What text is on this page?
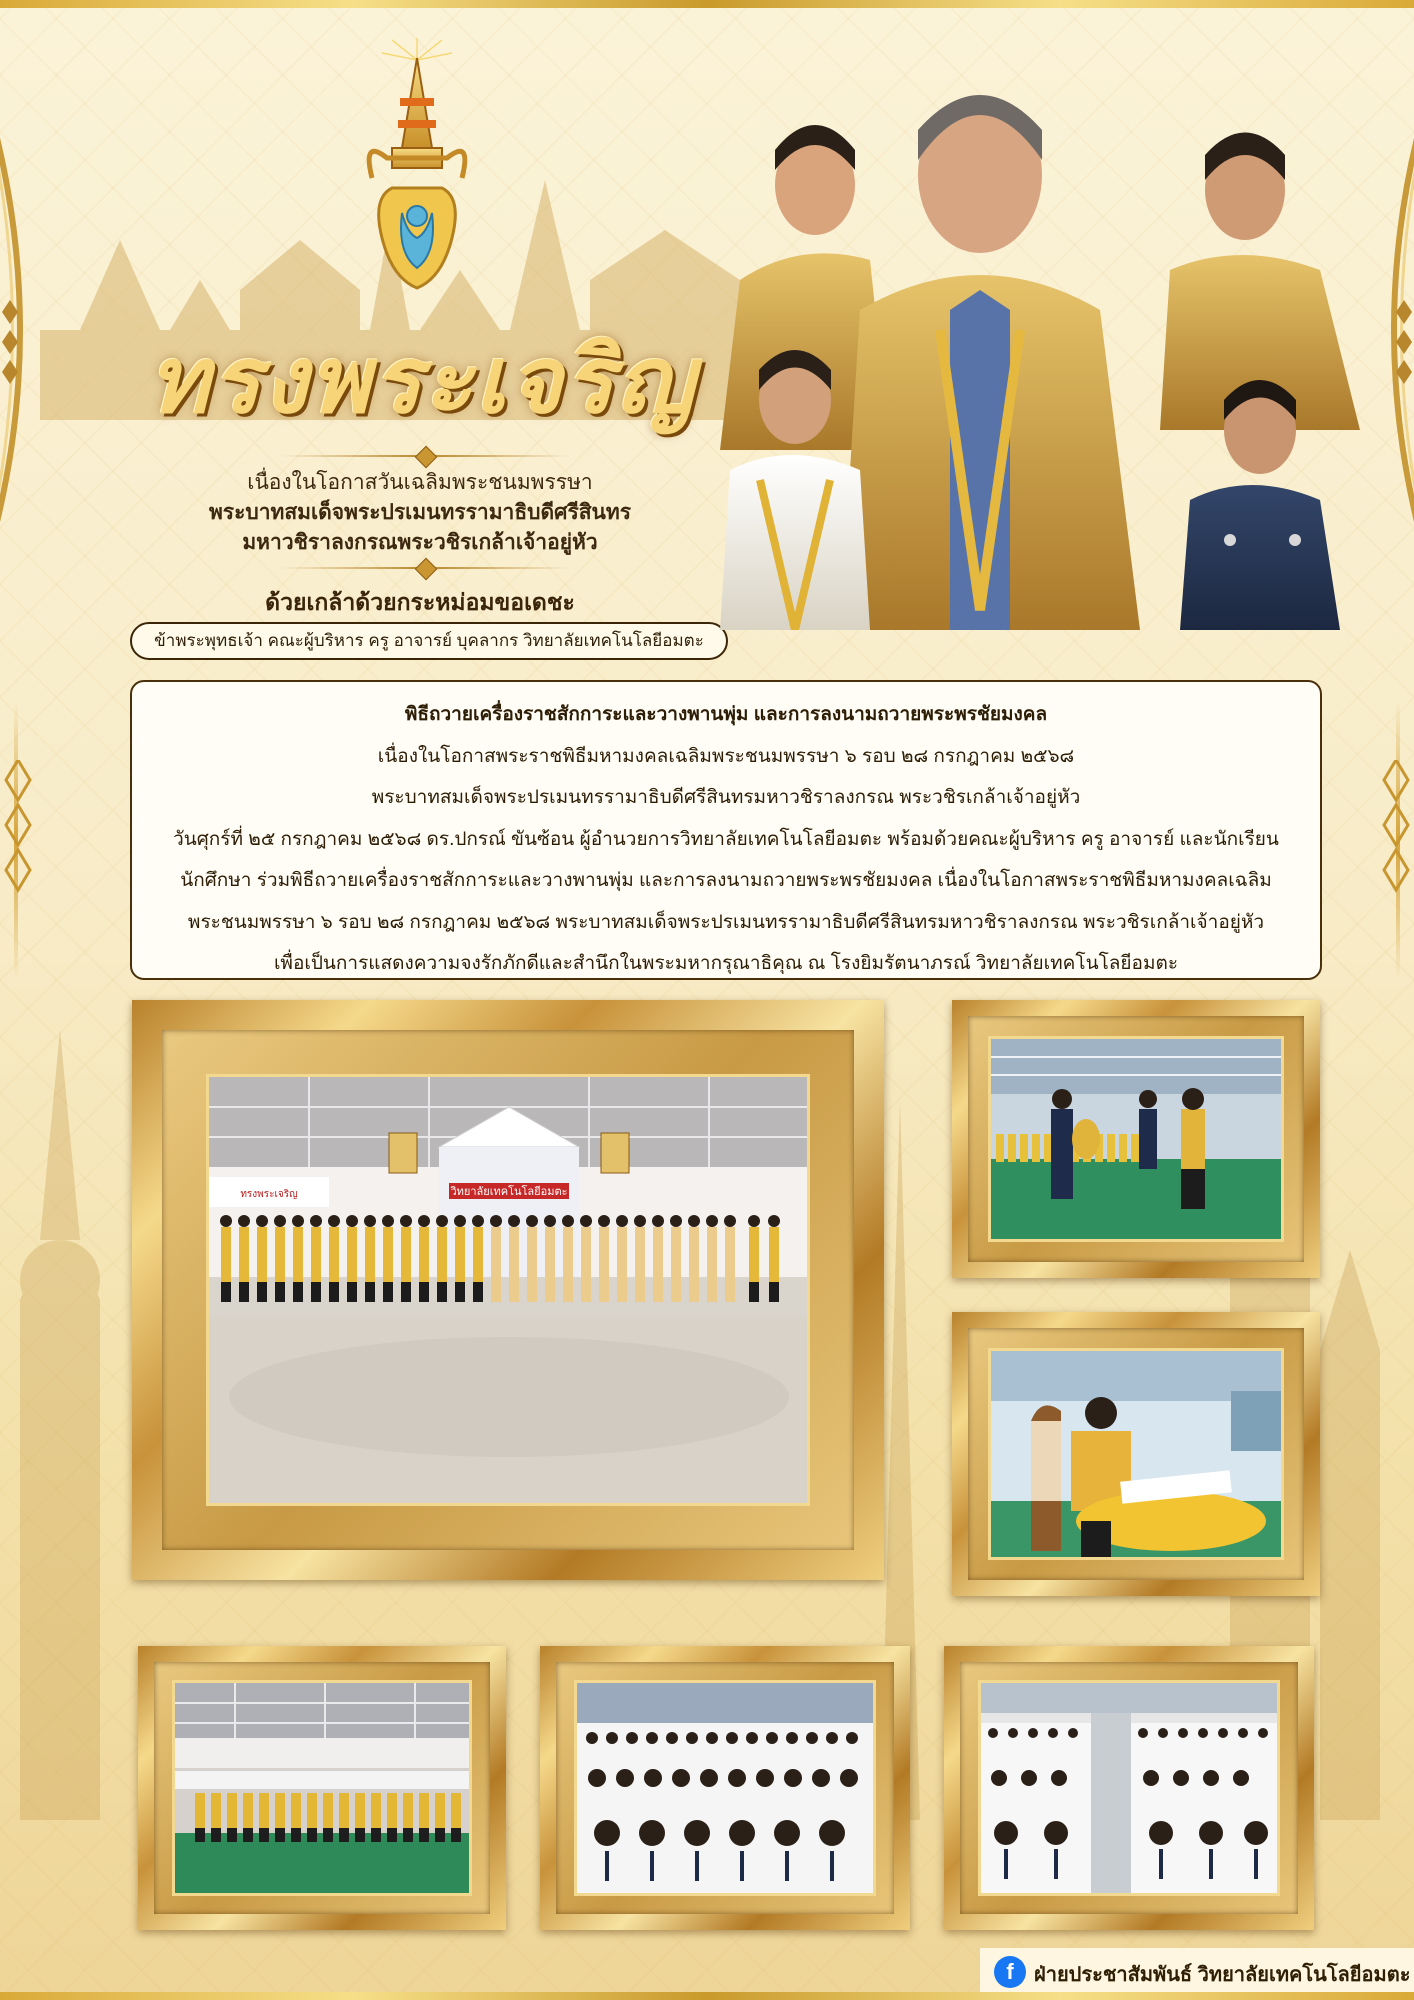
ทรงพระเจริญ
เนื่องในโอกาสวันเฉลิมพระชนมพรรษา
พระบาทสมเด็จพระปรเมนทรรามาธิบดีศรีสินทร
มหาวชิราลงกรณพระวชิรเกล้าเจ้าอยู่หัว
ด้วยเกล้าด้วยกระหม่อมขอเดชะ
ข้าพระพุทธเจ้า คณะผู้บริหาร ครู อาจารย์ บุคลากร วิทยาลัยเทคโนโลยีอมตะ

พิธีถวายเครื่องราชสักการะและวางพานพุ่ม และการลงนามถวายพระพรชัยมงคล

เนื่องในโอกาสพระราชพิธีมหามงคลเฉลิมพระชนมพรรษา ๖ รอบ ๒๘ กรกฎาคม ๒๕๖๘

พระบาทสมเด็จพระปรเมนทรรามาธิบดีศรีสินทรมหาวชิราลงกรณ พระวชิรเกล้าเจ้าอยู่หัว

วันศุกร์ที่ ๒๕ กรกฎาคม ๒๕๖๘ ดร.ปกรณ์ ขันซ้อน ผู้อำนวยการวิทยาลัยเทคโนโลยีอมตะ พร้อมด้วยคณะผู้บริหาร ครู อาจารย์ และนักเรียน

นักศึกษา ร่วมพิธีถวายเครื่องราชสักการะและวางพานพุ่ม และการลงนามถวายพระพรชัยมงคล เนื่องในโอกาสพระราชพิธีมหามงคลเฉลิม

พระชนมพรรษา ๖ รอบ ๒๘ กรกฎาคม ๒๕๖๘ พระบาทสมเด็จพระปรเมนทรรามาธิบดีศรีสินทรมหาวชิราลงกรณ พระวชิรเกล้าเจ้าอยู่หัว

เพื่อเป็นการแสดงความจงรักภักดีและสำนึกในพระมหากรุณาธิคุณ ณ โรงยิมรัตนาภรณ์ วิทยาลัยเทคโนโลยีอมตะ

วิทยาลัยเทคโนโลยีอมตะ
ทรงพระเจริญ
f	ฝ่ายประชาสัมพันธ์ วิทยาลัยเทคโนโลยีอมตะ
